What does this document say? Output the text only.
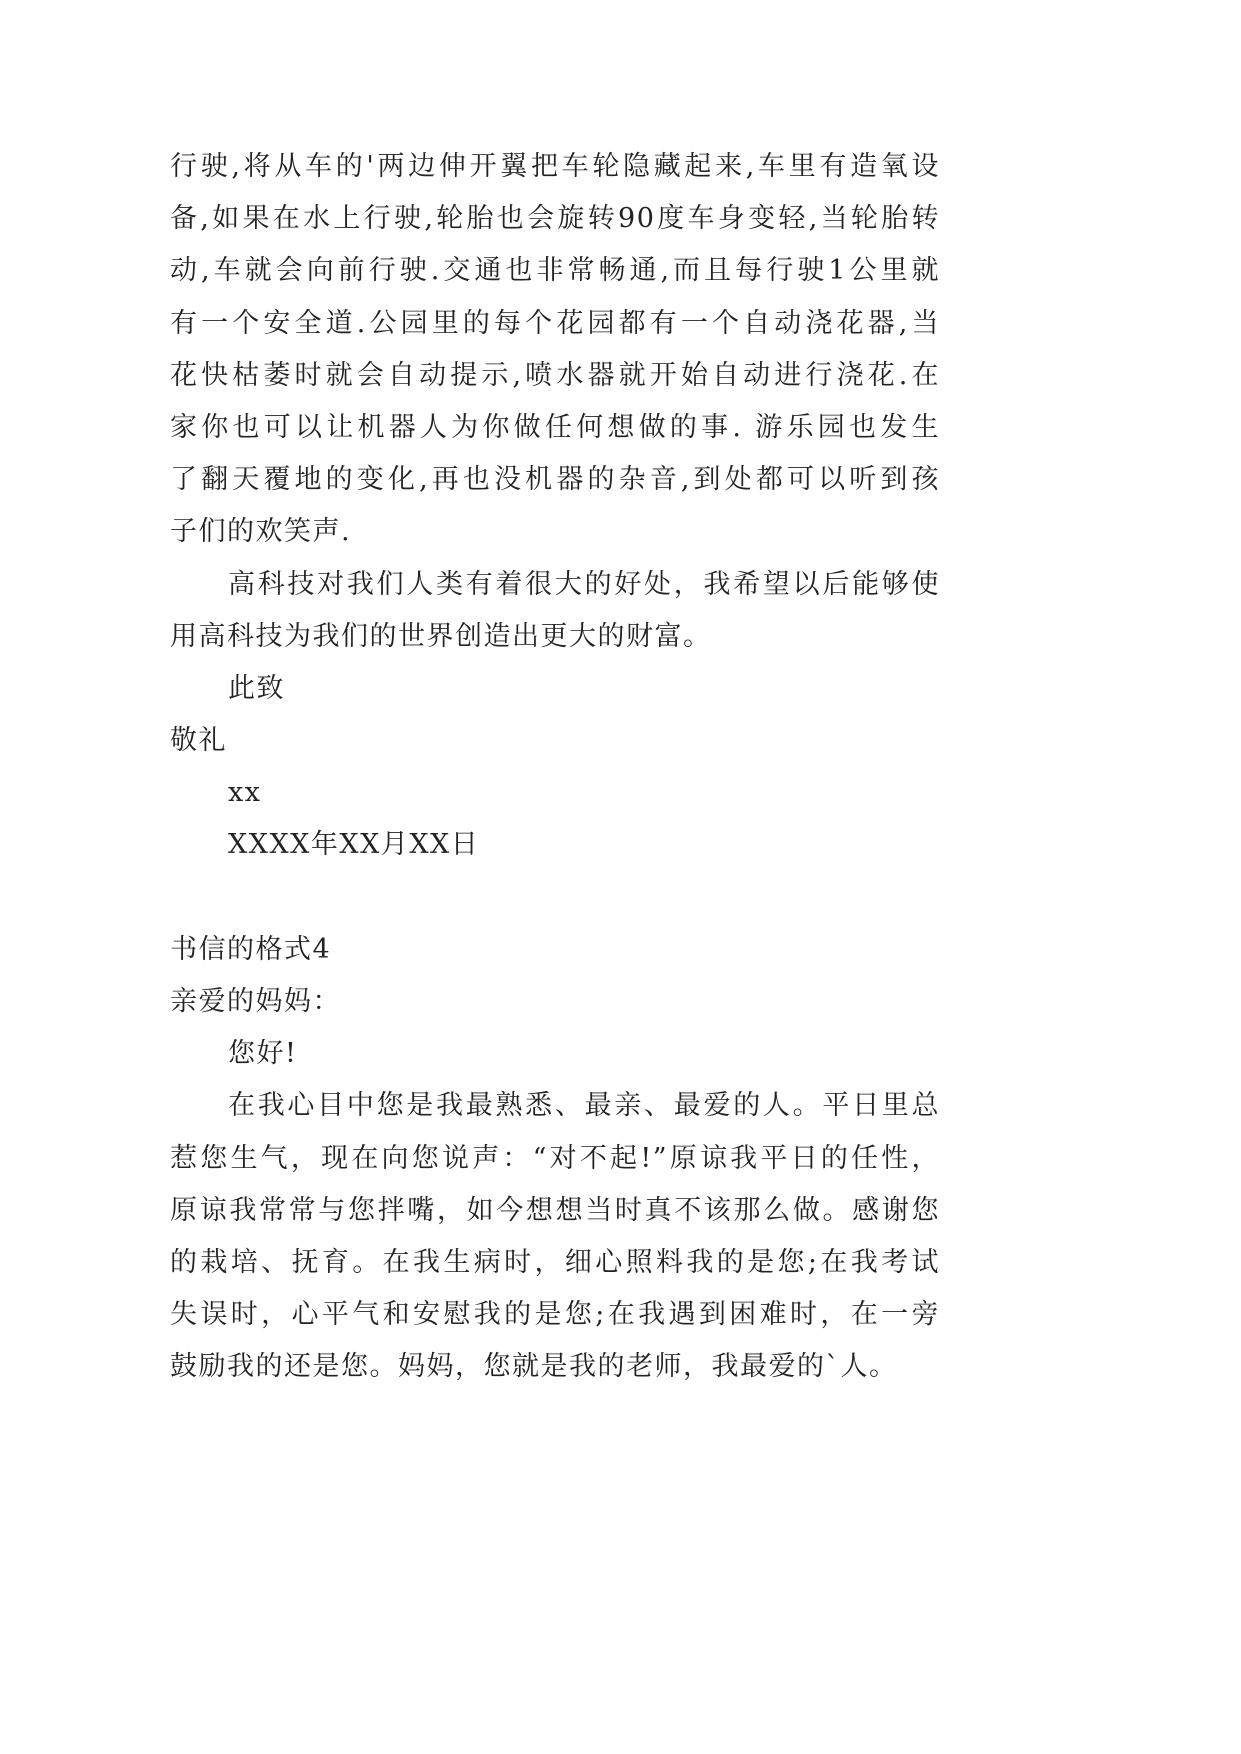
行驶,将从车的'两边伸开翼把车轮隐藏起来,车里有造氧设
备,如果在水上行驶,轮胎也会旋转90度车身变轻,当轮胎转
动,车就会向前行驶.交通也非常畅通,而且每行驶1公里就
有一个安全道.公园里的每个花园都有一个自动浇花器,当
花快枯萎时就会自动提示,喷水器就开始自动进行浇花.在
家你也可以让机器人为你做任何想做的事. 游乐园也发生
了翻天覆地的变化,再也没机器的杂音,到处都可以听到孩
子们的欢笑声.
高科技对我们人类有着很大的好处，我希望以后能够使
用高科技为我们的世界创造出更大的财富。
此致
敬礼
xx
XXXX年XX月XX日
书信的格式4
亲爱的妈妈：
您好!
在我心目中您是我最熟悉、最亲、最爱的人。平日里总
惹您生气，现在向您说声：“对不起!”原谅我平日的任性，
原谅我常常与您拌嘴，如今想想当时真不该那么做。感谢您
的栽培、抚育。在我生病时，细心照料我的是您;在我考试
失误时，心平气和安慰我的是您;在我遇到困难时，在一旁
鼓励我的还是您。妈妈，您就是我的老师，我最爱的`人。
